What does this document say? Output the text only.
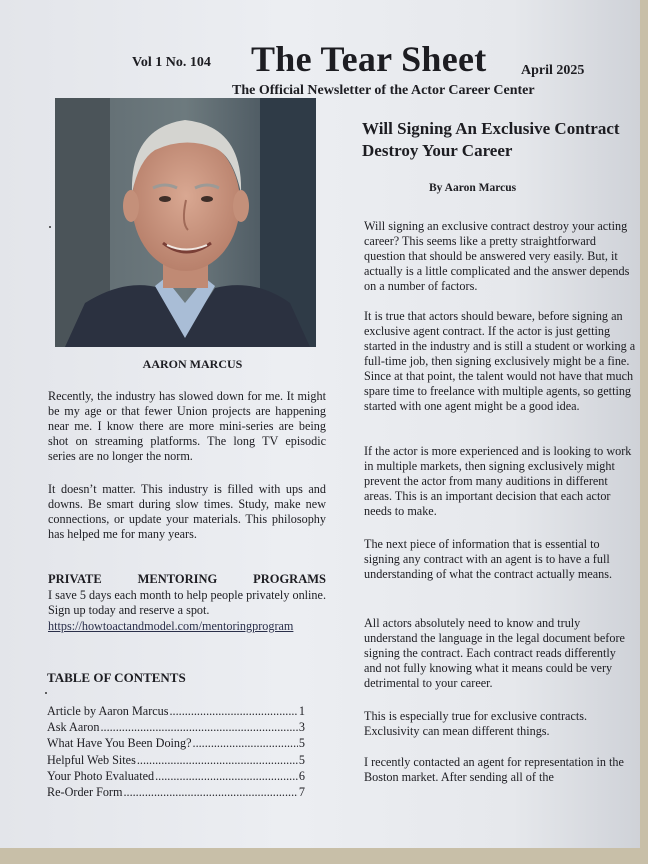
Vol 1 No. 104 The Tear Sheet April 2025
The Official Newsletter of the Actor Career Center
AARON MARCUS
Recently, the industry has slowed down for me. It might be my age or that fewer Union projects are happening near me. I know there are more mini-series are being shot on streaming platforms. The long TV episodic series are no longer the norm.
It doesn’t matter. This industry is filled with ups and downs. Be smart during slow times. Study, make new connections, or update your materials. This philosophy has helped me for many years.
PRIVATE	MENTORING	PROGRAMS
I save 5 days each month to help people privately online. Sign up today and reserve a spot.
https://howtoactandmodel.com/mentoringprogram
TABLE OF CONTENTS
Article by Aaron Marcus .....	1
Ask Aaron .....	3
What Have You Been Doing? .....	5
Helpful Web Sites .....	5
Your Photo Evaluated .....	6
Re-Order Form .....	7
Will Signing An Exclusive Contract Destroy Your Career
By Aaron Marcus
Will signing an exclusive contract destroy your acting career? This seems like a pretty straightforward question that should be answered very easily. But, it actually is a little complicated and the answer depends on a number of factors.
It is true that actors should beware, before signing an exclusive agent contract. If the actor is just getting started in the industry and is still a student or working a full-time job, then signing exclusively might be a fine. Since at that point, the talent would not have that much spare time to freelance with multiple agents, so getting started with one agent might be a good idea.
If the actor is more experienced and is looking to work in multiple markets, then signing exclusively might prevent the actor from many auditions in different areas. This is an important decision that each actor needs to make.
The next piece of information that is essential to signing any contract with an agent is to have a full understanding of what the contract actually means.
All actors absolutely need to know and truly understand the language in the legal document before signing the contract. Each contract reads differently and not fully knowing what it means could be very detrimental to your career.
This is especially true for exclusive contracts. Exclusivity can mean different things.
I recently contacted an agent for representation in the Boston market. After sending all of the
